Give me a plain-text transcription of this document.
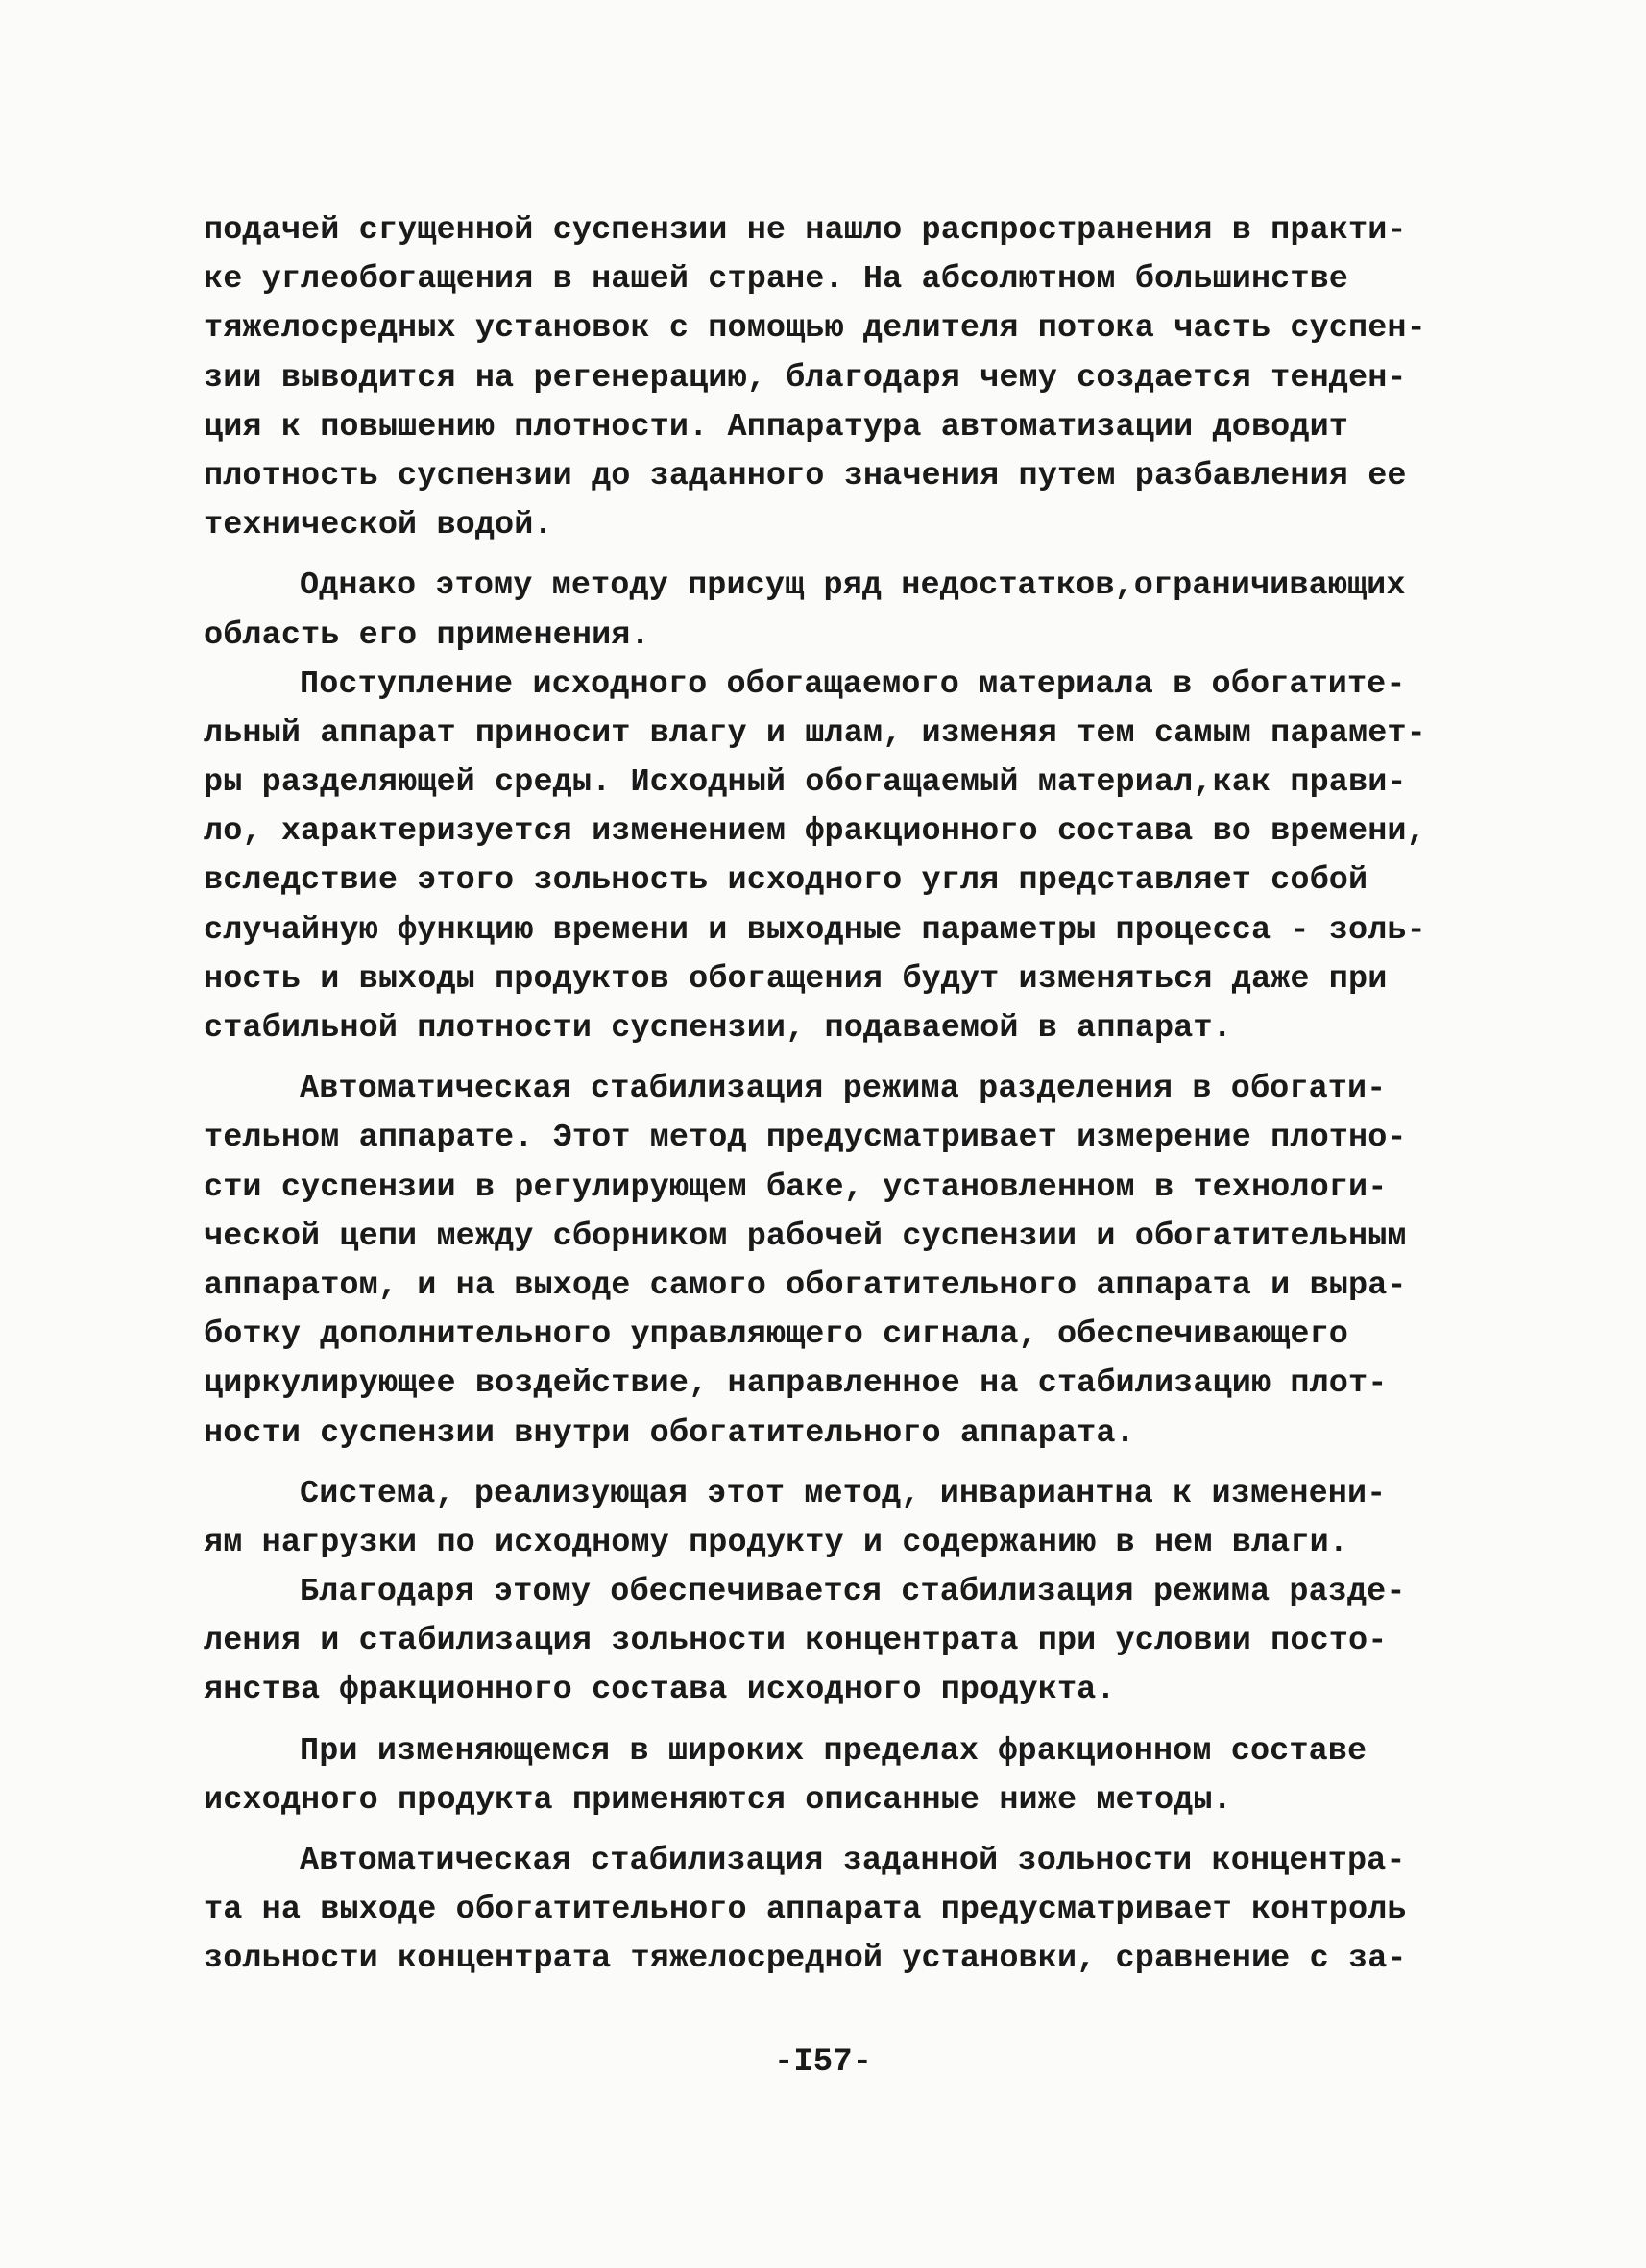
подачей сгущенной суспензии не нашло распространения в практи-
ке углеобогащения в нашей стране. На абсолютном большинстве
тяжелосредных установок с помощью делителя потока часть суспен-
зии выводится на регенерацию, благодаря чему создается тенден-
ция к повышению плотности. Аппаратура автоматизации доводит
плотность суспензии до заданного значения путем разбавления ее
технической водой.
Однако этому методу присущ ряд недостатков,ограничивающих
область его применения.
Поступление исходного обогащаемого материала в обогатите-
льный аппарат приносит влагу и шлам, изменяя тем самым парамет-
ры разделяющей среды. Исходный обогащаемый материал,как прави-
ло, характеризуется изменением фракционного состава во времени,
вследствие этого зольность исходного угля представляет собой
случайную функцию времени и выходные параметры процесса - золь-
ность и выходы продуктов обогащения будут изменяться даже при
стабильной плотности суспензии, подаваемой в аппарат.
Автоматическая стабилизация режима разделения в обогати-
тельном аппарате. Этот метод предусматривает измерение плотно-
сти суспензии в регулирующем баке, установленном в технологи-
ческой цепи между сборником рабочей суспензии и обогатительным
аппаратом, и на выходе самого обогатительного аппарата и выра-
ботку дополнительного управляющего сигнала, обеспечивающего
циркулирующее воздействие, направленное на стабилизацию плот-
ности суспензии внутри обогатительного аппарата.
Система, реализующая этот метод, инвариантна к изменени-
ям нагрузки по исходному продукту и содержанию в нем влаги.
Благодаря этому обеспечивается стабилизация режима разде-
ления и стабилизация зольности концентрата при условии посто-
янства фракционного состава исходного продукта.
При изменяющемся в широких пределах фракционном составе
исходного продукта применяются описанные ниже методы.
Автоматическая стабилизация заданной зольности концентра-
та на выходе обогатительного аппарата предусматривает контроль
зольности концентрата тяжелосредной установки, сравнение с за-
-I57-
